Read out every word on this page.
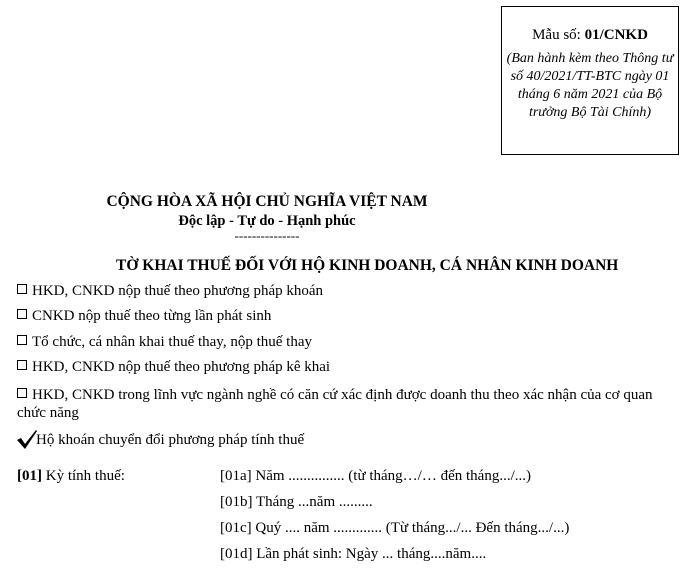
Mẫu số: 01/CNKD
(Ban hành kèm theo Thông tư số 40/2021/TT-BTC ngày 01 tháng 6 năm 2021 của Bộ trưởng Bộ Tài Chính)
CỘNG HÒA XÃ HỘI CHỦ NGHĨA VIỆT NAM
Độc lập - Tự do - Hạnh phúc
---------------
TỜ KHAI THUẾ ĐỐI VỚI HỘ KINH DOANH, CÁ NHÂN KINH DOANH
HKD, CNKD nộp thuế theo phương pháp khoán
CNKD nộp thuế theo từng lần phát sinh
Tổ chức, cá nhân khai thuế thay, nộp thuế thay
HKD, CNKD nộp thuế theo phương pháp kê khai
HKD, CNKD trong lĩnh vực ngành nghề có căn cứ xác định được doanh thu theo xác nhận của cơ quan chức năng
Hộ khoán chuyển đổi phương pháp tính thuế
[01] Kỳ tính thuế:	[01a] Năm ............... (từ tháng…/… đến tháng.../...)
[01b] Tháng ...năm .........
[01c] Quý .... năm ............. (Từ tháng.../... Đến tháng.../...)
[01d] Lần phát sinh: Ngày ... tháng....năm....
